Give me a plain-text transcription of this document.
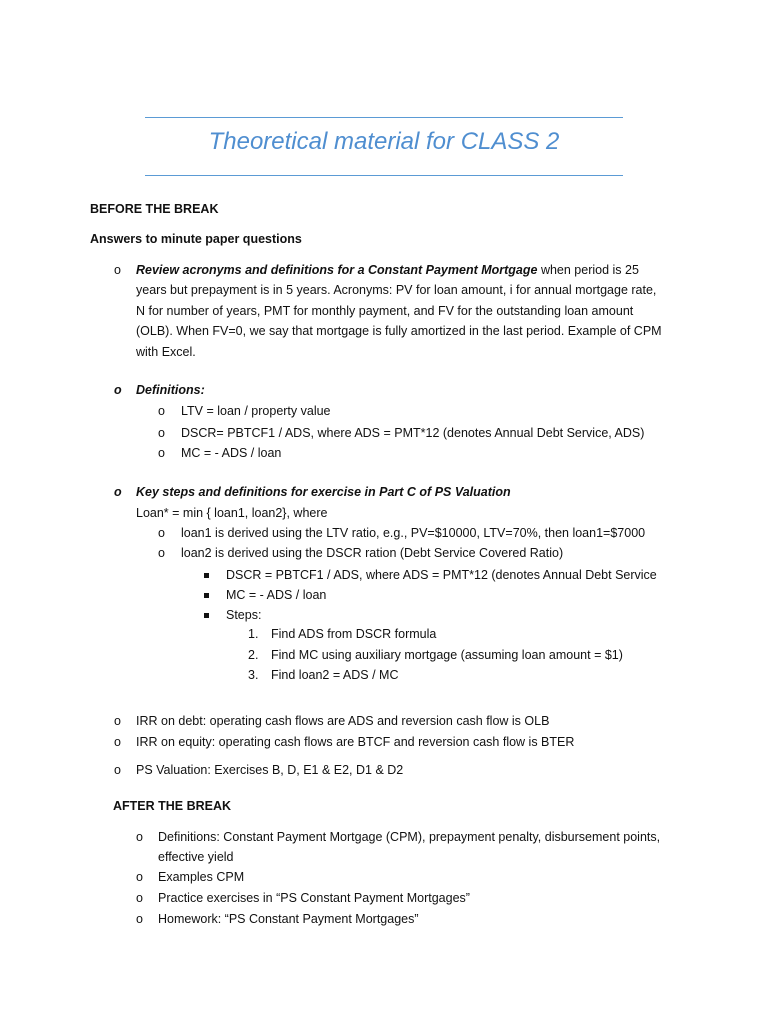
Theoretical material for CLASS 2
BEFORE THE BREAK
Answers to minute paper questions
o Review acronyms and definitions for a Constant Payment Mortgage when period is 25 years but prepayment is in 5 years. Acronyms: PV for loan amount, i for annual mortgage rate, N for number of years, PMT for monthly payment, and FV for the outstanding loan amount (OLB). When FV=0, we say that mortgage is fully amortized in the last period. Example of CPM with Excel.
o Definitions:
o LTV = loan / property value
o DSCR= PBTCF1 / ADS, where ADS = PMT*12 (denotes Annual Debt Service, ADS)
o MC = - ADS / loan
o Key steps and definitions for exercise in Part C of PS Valuation
Loan* = min { loan1, loan2}, where
o loan1 is derived using the LTV ratio, e.g., PV=$10000, LTV=70%, then loan1=$7000
o loan2 is derived using the DSCR ration (Debt Service Covered Ratio)
DSCR = PBTCF1 / ADS, where ADS = PMT*12 (denotes Annual Debt Service
MC = - ADS / loan
Steps:
1. Find ADS from DSCR formula
2. Find MC using auxiliary mortgage (assuming loan amount = $1)
3. Find loan2 = ADS / MC
o IRR on debt: operating cash flows are ADS and reversion cash flow is OLB
o IRR on equity: operating cash flows are BTCF and reversion cash flow is BTER
o PS Valuation: Exercises B, D, E1 & E2, D1 & D2
AFTER THE BREAK
o Definitions: Constant Payment Mortgage (CPM), prepayment penalty, disbursement points, effective yield
o Examples CPM
o Practice exercises in “PS Constant Payment Mortgages”
o Homework: “PS Constant Payment Mortgages”
